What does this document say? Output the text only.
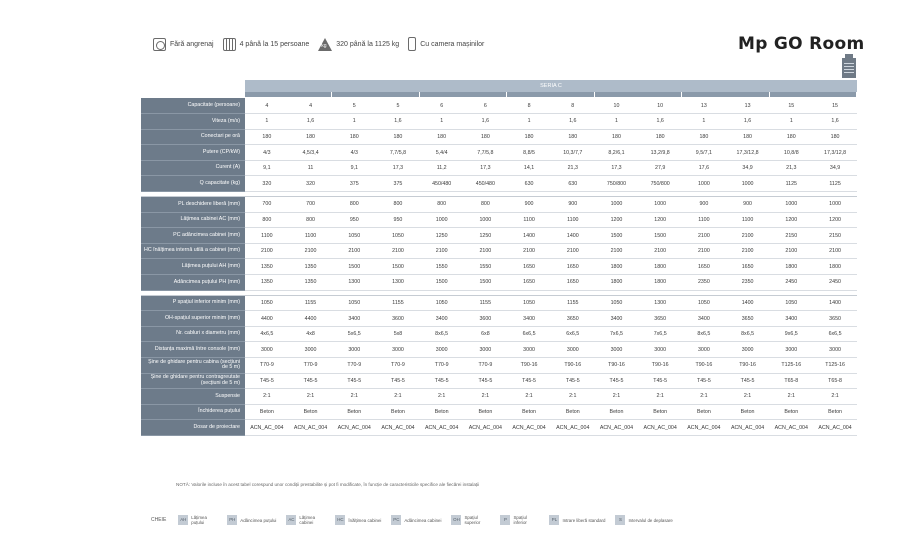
Fără angrenaj	4 până la 15 persoane kg	320 până la 1125 kg	Cu camera mașinilor	Mp GO Room
SERIA C
Capacitate (persoane)	4	4	5	5	6	6	8	8	10	10	13	13	15	15
Viteza (m/s)	1	1,6	1	1,6	1	1,6	1	1,6	1	1,6	1	1,6	1	1,6
Conectari pe oră	180	180	180	180	180	180	180	180	180	180	180	180	180	180
Putere (CP/kW)	4/3	4,5/3,4	4/3	7,7/5,8	5,4/4	7,7/5,8	8,8/5	10,3/7,7	8,2/6,1	13,2/9,8	9,5/7,1	17,3/12,8	10,8/8	17,3/12,8
Curent (A)	9,1	11	9,1	17,3	11,2	17,3	14,1	21,3	17,3	27,9	17,6	34,9	21,3	34,9
Q capacitate (kg)	320	320	375	375	450/480	450/480	630	630	750/800	750/800	1000	1000	1125	1125

PL deschidere liberă (mm)	700	700	800	800	800	800	900	900	1000	1000	900	900	1000	1000
Lățimea cabinei AC (mm)	800	800	950	950	1000	1000	1100	1100	1200	1200	1100	1100	1200	1200
PC adâncimea cabinei (mm)	1100	1100	1050	1050	1250	1250	1400	1400	1500	1500	2100	2100	2150	2150
HC înălțimea internă utilă a cabinei (mm)	2100	2100	2100	2100	2100	2100	2100	2100	2100	2100	2100	2100	2100	2100
Lățimea puțului AH (mm)	1350	1350	1500	1500	1550	1550	1650	1650	1800	1800	1650	1650	1800	1800
Adâncimea puțului PH (mm)	1350	1350	1300	1300	1500	1500	1650	1650	1800	1800	2350	2350	2450	2450

P spațiul inferior minim (mm)	1050	1155	1050	1155	1050	1155	1050	1155	1050	1300	1050	1400	1050	1400
OH-spațiul superior minim (mm)	4400	4400	3400	3600	3400	3600	3400	3650	3400	3650	3400	3650	3400	3650
Nr. cabluri x diametru (mm)	4x6,5	4x8	5x6,5	5x8	8x6,5	6x8	6x6,5	6x6,5	7x6,5	7x6,5	8x6,5	8x6,5	9x6,5	6x6,5
Distanța maximă între console (mm)	3000	3000	3000	3000	3000	3000	3000	3000	3000	3000	3000	3000	3000	3000
Șine de ghidare pentru cabina (secțiuni de 5 m)	T70-9	T70-9	T70-9	T70-9	T70-9	T70-9	T90-16	T90-16	T90-16	T90-16	T90-16	T90-16	T125-16	T125-16
Șine de ghidare pentru contragreutate (secțiuni de 5 m)	T45-5	T45-5	T45-5	T45-5	T45-5	T45-5	T45-5	T45-5	T45-5	T45-5	T45-5	T45-5	T65-8	T65-8
Suspensie	2:1	2:1	2:1	2:1	2:1	2:1	2:1	2:1	2:1	2:1	2:1	2:1	2:1	2:1
Închiderea puțului	Beton	Beton	Beton	Beton	Beton	Beton	Beton	Beton	Beton	Beton	Beton	Beton	Beton	Beton
Dosar de proiectare	ACN_AC_004	ACN_AC_004	ACN_AC_004	ACN_AC_004	ACN_AC_004	ACN_AC_004	ACN_AC_004	ACN_AC_004	ACN_AC_004	ACN_AC_004	ACN_AC_004	ACN_AC_004	ACN_AC_004	ACN_AC_004
NOTĂ: Valorile incluse în acest tabel corespund unor condiții prestabilite și pot fi modificate, în funcție de caracteristicile specifice ale fiecărei instalații
CHEIE	AH	Lățimea puțului
PH	Adâncimea puțului	AC	Lățimea cabinei
HC	Înălțimea cabinei	PC	Adâncimea cabinei	OH	Spațiul superior
P	Spațiul inferior
PL	Intrare liberă standard	S	Intervalul de deplasare
